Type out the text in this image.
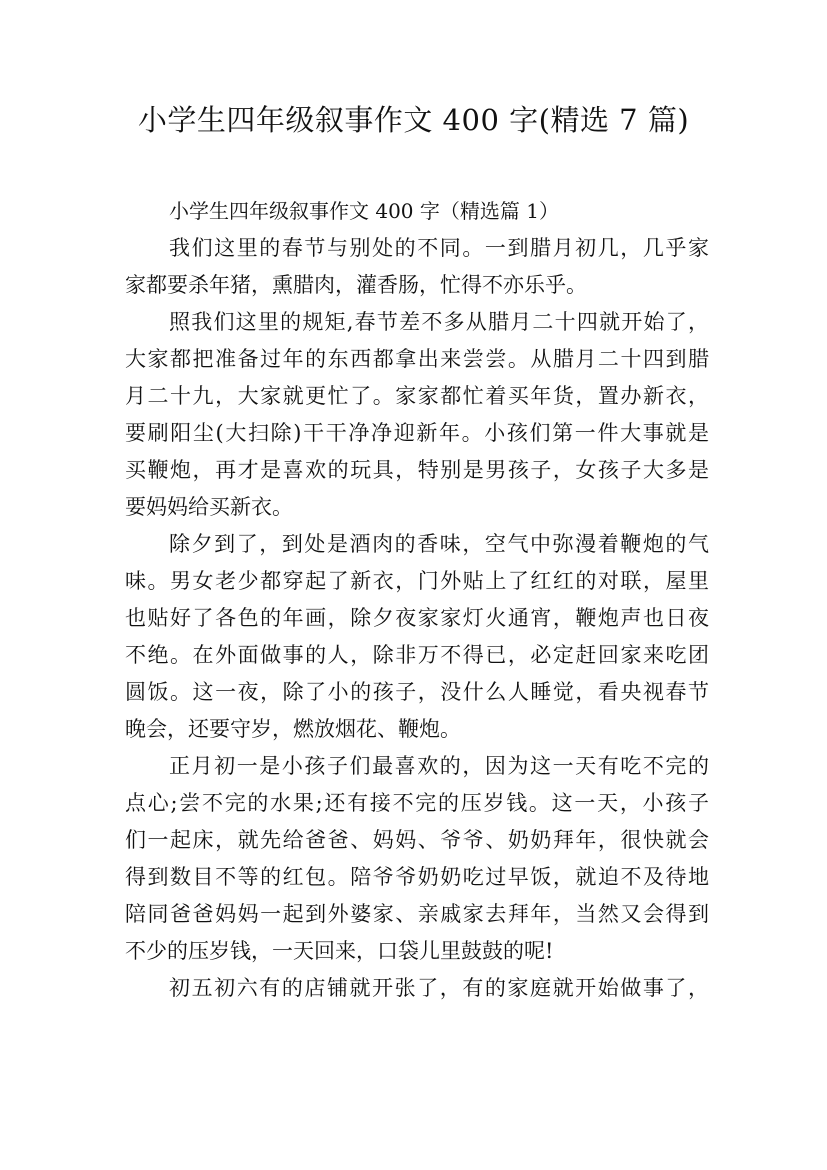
小学生四年级叙事作文 400 字(精选 7 篇)

小学生四年级叙事作文 400 字（精选篇 1）

我们这里的春节与别处的不同。一到腊月初几，几乎家

家都要杀年猪，熏腊肉，灌香肠，忙得不亦乐乎。

照我们这里的规矩,春节差不多从腊月二十四就开始了，

大家都把准备过年的东西都拿出来尝尝。从腊月二十四到腊

月二十九，大家就更忙了。家家都忙着买年货，置办新衣，

要刷阳尘(大扫除)干干净净迎新年。小孩们第一件大事就是

买鞭炮，再才是喜欢的玩具，特别是男孩子，女孩子大多是

要妈妈给买新衣。

除夕到了，到处是酒肉的香味，空气中弥漫着鞭炮的气

味。男女老少都穿起了新衣，门外贴上了红红的对联，屋里

也贴好了各色的年画，除夕夜家家灯火通宵，鞭炮声也日夜

不绝。在外面做事的人，除非万不得已，必定赶回家来吃团

圆饭。这一夜，除了小的孩子，没什么人睡觉，看央视春节

晚会，还要守岁，燃放烟花、鞭炮。

正月初一是小孩子们最喜欢的，因为这一天有吃不完的

点心;尝不完的水果;还有接不完的压岁钱。这一天，小孩子

们一起床，就先给爸爸、妈妈、爷爷、奶奶拜年，很快就会

得到数目不等的红包。陪爷爷奶奶吃过早饭，就迫不及待地

陪同爸爸妈妈一起到外婆家、亲戚家去拜年，当然又会得到

不少的压岁钱，一天回来，口袋儿里鼓鼓的呢!

初五初六有的店铺就开张了，有的家庭就开始做事了，
